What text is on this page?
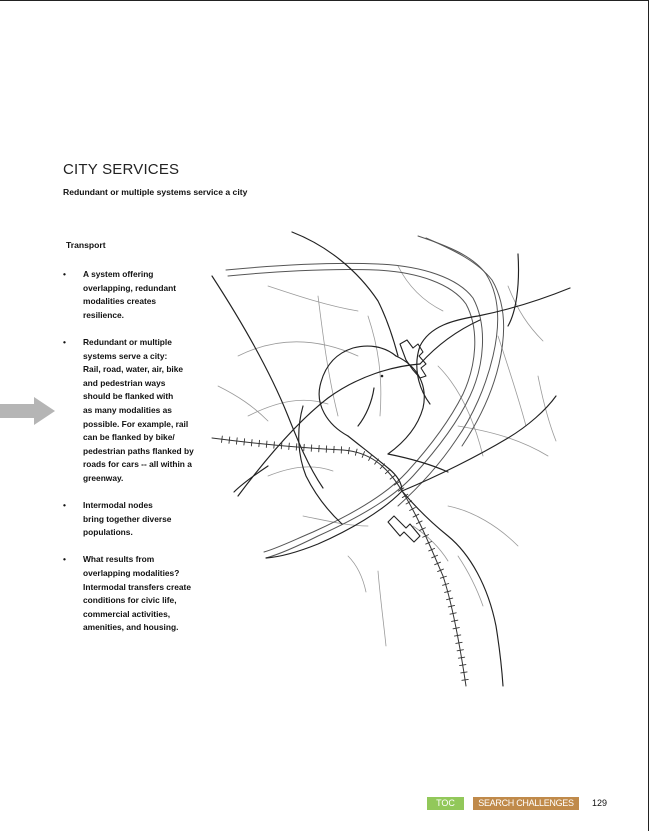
CITY SERVICES
Redundant or multiple systems service a city
Transport
• A system offering
overlapping, redundant
modalities creates
resilience.
• Redundant or multiple
systems serve a city:
Rail, road, water, air, bike
and pedestrian ways
should be flanked with
as many modalities as
possible. For example, rail
can be flanked by bike/
pedestrian paths flanked by
roads for cars -- all within a
greenway.
• Intermodal nodes
bring together diverse
populations.
• What results from
overlapping modalities?
Intermodal transfers create
conditions for civic life,
commercial activities,
amenities, and housing.
TOC	SEARCH CHALLENGES	129
